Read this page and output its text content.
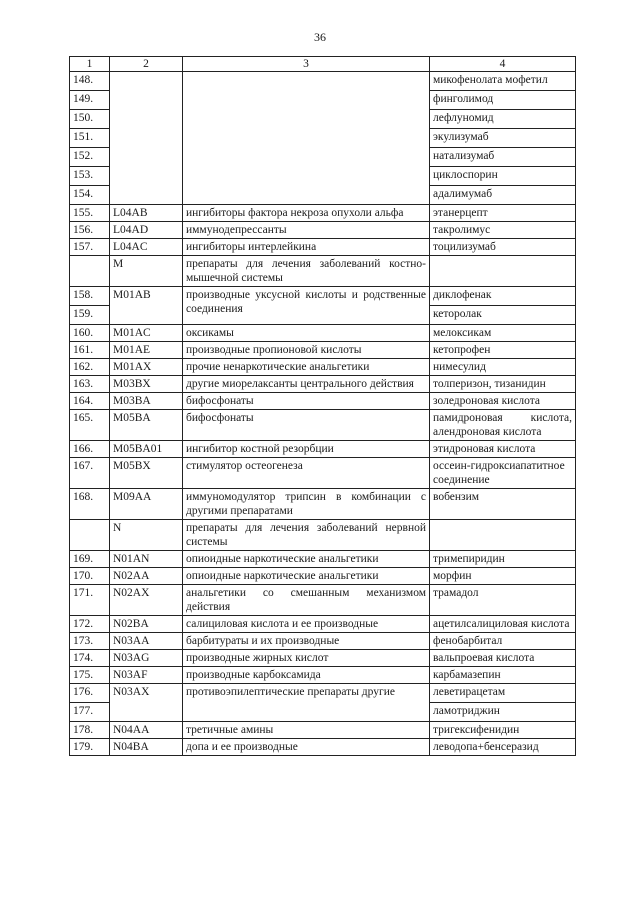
36
1	2	3	4
148.			микофенолата мофетил
149.			финголимод
150.			лефлуномид
151.			экулизумаб
152.			натализумаб
153.			циклоспорин
154.			адалимумаб
155.	L04AB	ингибиторы фактора некроза опухоли альфа	этанерцепт
156.	L04AD	иммунодепрессанты	такролимус
157.	L04AC	ингибиторы интерлейкина	тоцилизумаб
	M	препараты для лечения заболеваний костно-мышечной системы	
158.	M01AB	производные уксусной кислоты и родственные соединения	диклофенак
159.			кеторолак
160.	M01AC	оксикамы	мелоксикам
161.	M01AE	производные пропионовой кислоты	кетопрофен
162.	M01AX	прочие ненаркотические анальгетики	нимесулид
163.	M03BX	другие миорелаксанты центрального действия	толперизон, тизанидин
164.	M03BA	бифосфонаты	золедроновая кислота
165.	M05BA	бифосфонаты	памидроновая кислота, алендроновая кислота
166.	M05BA01	ингибитор костной резорбции	этидроновая кислота
167.	M05BX	стимулятор остеогенеза	оссеин-гидроксиапатитное соединение
168.	M09AA	иммуномодулятор трипсин в комбинации с другими препаратами	вобензим
	N	препараты для лечения заболеваний нервной системы	
169.	N01AN	опиоидные наркотические анальгетики	тримепиридин
170.	N02AA	опиоидные наркотические анальгетики	морфин
171.	N02AX	анальгетики со смешанным механизмом действия	трамадол
172.	N02BA	салициловая кислота и ее производные	ацетилсалициловая кислота
173.	N03AA	барбитураты и их производные	фенобарбитал
174.	N03AG	производные жирных кислот	вальпроевая кислота
175.	N03AF	производные карбоксамида	карбамазепин
176.	N03AX	противоэпилептические препараты другие	леветирацетам
177.			ламотриджин
178.	N04AA	третичные амины	тригексифенидин
179.	N04BA	допа и ее производные	леводопа+бенсеразид
